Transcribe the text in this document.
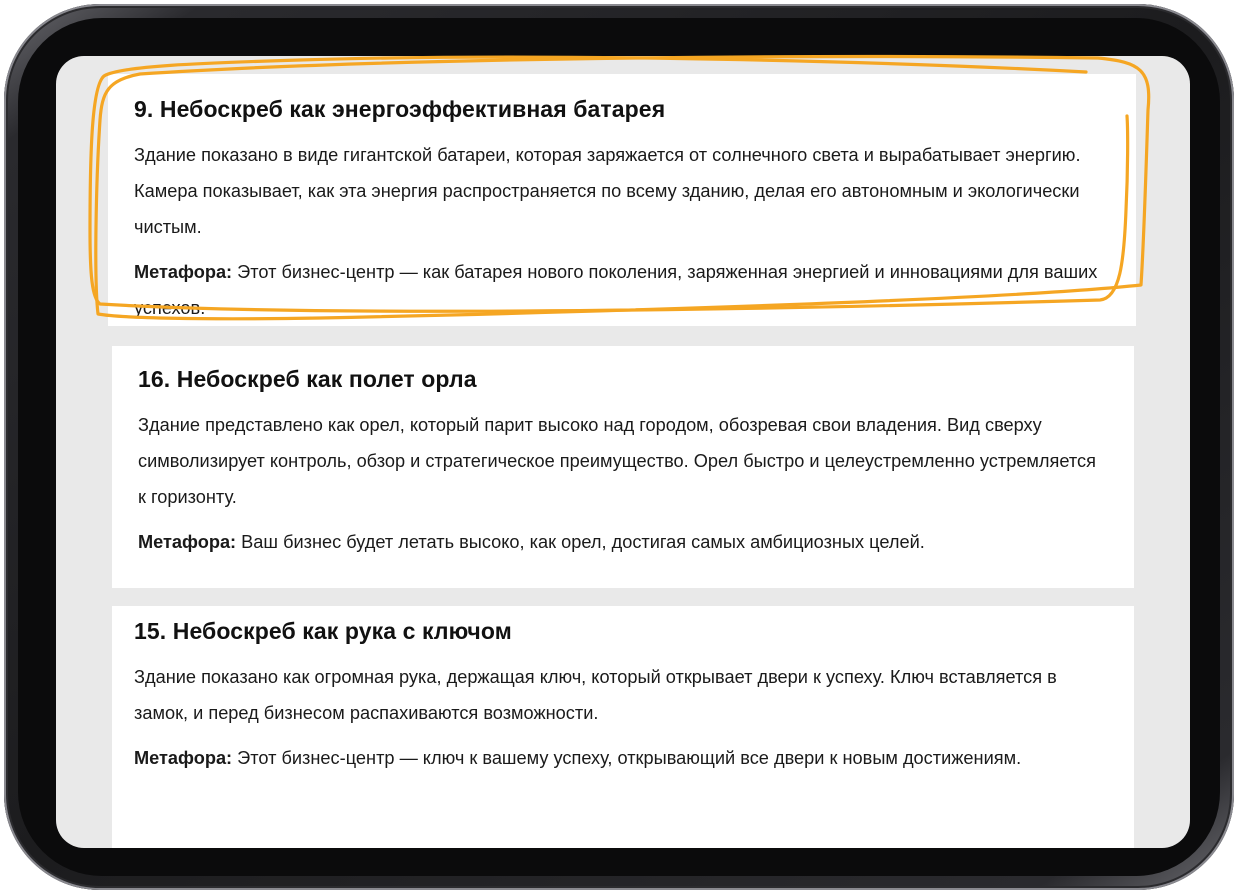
9. Небоскреб как энергоэффективная батарея

Здание показано в виде гигантской батареи, которая заряжается от солнечного света и вырабатывает энергию. Камера показывает, как эта энергия распространяется по всему зданию, делая его автономным и экологически чистым.

Метафора: Этот бизнес-центр — как батарея нового поколения, заряженная энергией и инновациями для ваших успехов.

16. Небоскреб как полет орла

Здание представлено как орел, который парит высоко над городом, обозревая свои владения. Вид сверху символизирует контроль, обзор и стратегическое преимущество. Орел быстро и целеустремленно устремляется к горизонту.

Метафора: Ваш бизнес будет летать высоко, как орел, достигая самых амбициозных целей.

15. Небоскреб как рука с ключом

Здание показано как огромная рука, держащая ключ, который открывает двери к успеху. Ключ вставляется в замок, и перед бизнесом распахиваются возможности.

Метафора: Этот бизнес-центр — ключ к вашему успеху, открывающий все двери к новым достижениям.
